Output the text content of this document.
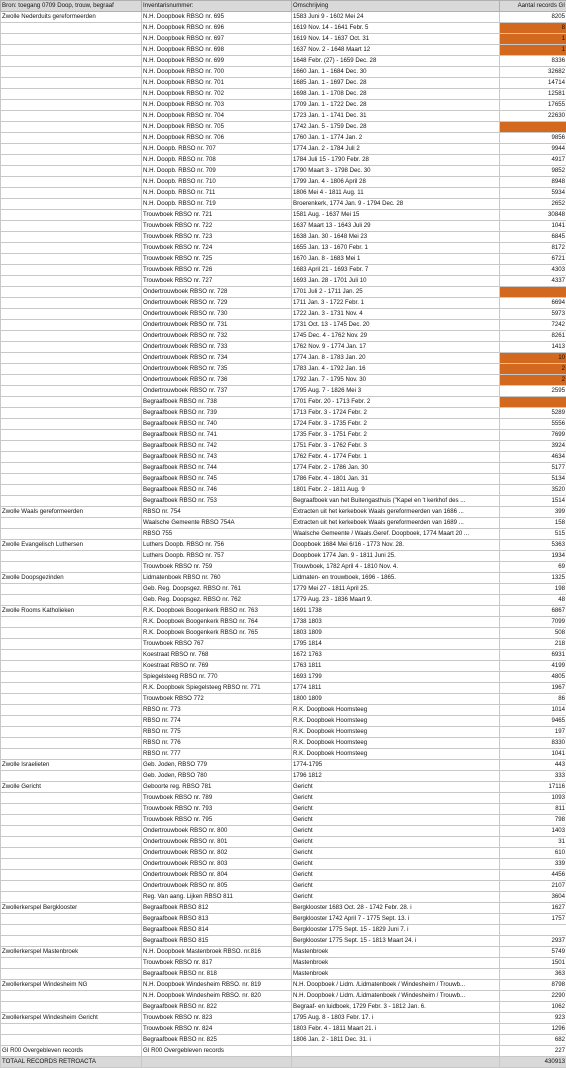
Bron: toegang 0709 Doop, trouw, begraaf	Inventarisnummer:	Omschrijving	Aantal records GI
Zwolle Nederduits gereformeerden	N.H. Doopboek RBSO nr. 695	1583 Juni 9 - 1602 Mei 24	8205
	N.H. Doopboek RBSO nr. 696	1619 Nov. 14 - 1641 Febr. 5	8
	N.H. Doopboek RBSO nr. 697	1619 Nov. 14 - 1637 Oct. 31	1
	N.H. Doopboek RBSO nr. 698	1637 Nov. 2 - 1648 Maart 12	1
	N.H. Doopboek RBSO nr. 699	1648 Febr. (27) - 1659 Dec. 28	8336
	N.H. Doopboek RBSO nr. 700	1660 Jan. 1 - 1684 Dec. 30	32682
	N.H. Doopboek RBSO nr. 701	1685 Jan. 1 - 1697 Dec. 28	14714
	N.H. Doopboek RBSO nr. 702	1698 Jan. 1 - 1708 Dec. 28	12581
	N.H. Doopboek RBSO nr. 703	1709 Jan. 1 - 1722 Dec. 28	17655
	N.H. Doopboek RBSO nr. 704	1723 Jan. 1 - 1741 Dec. 31	22630
	N.H. Doopboek RBSO nr. 705	1742 Jan. 5 - 1759 Dec. 28	
	N.H. Doopboek RBSO nr. 706	1760 Jan. 1 - 1774 Jan. 2	9856
	N.H. Doopb. RBSO nr. 707	1774 Jan. 2 - 1784 Juli 2	9944
	N.H. Doopb. RBSO nr. 708	1784 Juli 15 - 1790 Febr. 28	4917
	N.H. Doopb. RBSO nr. 709	1790 Maart 3 - 1798 Dec. 30	9852
	N.H. Doopb. RBSO nr. 710	1799 Jan. 4 - 1806 April 28	8948
	N.H. Doopb. RBSO nr. 711	1806 Mei 4 - 1811 Aug. 11	5934
	N.H. Doopb. RBSO nr. 719	Broerenkerk, 1774 Jan. 9 - 1794 Dec. 28	2652
	Trouwboek RBSO nr. 721	1581 Aug. - 1637 Mei 15	30848
	Trouwboek RBSO nr. 722	1637 Maart 13 - 1643 Juli 29	1041
	Trouwboek RBSO nr. 723	1638 Jan. 30 - 1648 Mei 23	6845
	Trouwboek RBSO nr. 724	1655 Jan. 13 - 1670 Febr. 1	8172
	Trouwboek RBSO nr. 725	1670 Jan. 8 - 1683 Mei 1	6721
	Trouwboek RBSO nr. 726	1683 April 21 - 1693 Febr. 7	4303
	Trouwboek RBSO nr. 727	1693 Jan. 28 - 1701 Juli 10	4337
	Ondertrouwboek RBSO nr. 728	1701 Juli 2 - 1711 Jan. 25	
	Ondertrouwboek RBSO nr. 729	1711 Jan. 3 - 1722 Febr. 1	6694
	Ondertrouwboek RBSO nr. 730	1722 Jan. 3 - 1731 Nov. 4	5973
	Ondertrouwboek RBSO nr. 731	1731 Oct. 13 - 1745 Dec. 20	7242
	Ondertrouwboek RBSO nr. 732	1745 Dec. 4 - 1762 Nov. 29	8261
	Ondertrouwboek RBSO nr. 733	1762 Nov. 9 - 1774 Jan. 17	1413
	Ondertrouwboek RBSO nr. 734	1774 Jan. 8 - 1783 Jan. 20	10
	Ondertrouwboek RBSO nr. 735	1783 Jan. 4 - 1792 Jan. 16	2
	Ondertrouwboek RBSO nr. 736	1792 Jan. 7 - 1795 Nov. 30	2
	Ondertrouwboek RBSO nr. 737	1795 Aug. 7 - 1826 Mei 3	2595
	Begraafboek RBSO nr. 738	1701 Febr. 20 - 1713 Febr. 2	
	Begraafboek RBSO nr. 739	1713 Febr. 3 - 1724 Febr. 2	5289
	Begraafboek RBSO nr. 740	1724 Febr. 3 - 1735 Febr. 2	5556
	Begraafboek RBSO nr. 741	1735 Febr. 3 - 1751 Febr. 2	7699
	Begraafboek RBSO nr. 742	1751 Febr. 3 - 1762 Febr. 3	3924
	Begraafboek RBSO nr. 743	1762 Febr. 4 - 1774 Febr. 1	4634
	Begraafboek RBSO nr. 744	1774 Febr. 2 - 1786 Jan. 30	5177
	Begraafboek RBSO nr. 745	1786 Febr. 4 - 1801 Jan. 31	5134
	Begraafboek RBSO nr. 746	1801 Febr. 2 - 1811 Aug. 9	3520
	Begraafboek RBSO nr. 753	Begraafboek van het Buitengasthuis ("Kapel en 't kerkhof des ...	1514
Zwolle Waals gereformeerden	RBSO nr. 754	Extracten uit het kerkeboek Waals gereformeerden van 1686 ...	399
	Waalsche Gemeente RBSO 754A	Extracten uit het kerkeboek Waals gereformeerden van 1689 ...	158
	RBSO 755	Waalsche Gemeente / Waals.Geref. Doopboek, 1774 Maart 20 ...	515
Zwolle Evangelisch Luthersen	Luthers Doopb. RBSO nr. 756	Doopboek 1684 Mei 6/16 - 1773 Nov. 28.	5363
	Luthers Doopb. RBSO nr. 757	Doopboek 1774 Jan. 9 - 1811 Juni 25.	1934
	Trouwboek RBSO nr. 759	Trouwboek, 1782 April 4 - 1810 Nov. 4.	69
Zwolle Doopsgezinden	Lidmatenboek RBSO nr. 760	Lidmaten- en trouwboek, 1696 - 1865.	1325
	Geb. Reg. Doopsgez. RBSO nr. 761	1779 Mei 27 - 1811 April 25.	198
	Geb. Reg. Doopsgez. RBSO nr. 762	1779 Aug. 23 - 1836 Maart 9.	48
Zwolle Rooms Katholieken	R.K. Doopboek Boogenkerk RBSO nr. 763	1691 1738	6867
	R.K. Doopboek Boogenkerk RBSO nr. 764	1738 1803	7099
	R.K. Doopboek Boogenkerk RBSO nr. 765	1803 1809	508
	Trouwboek RBSO 767	1795 1814	218
	Koestraat RBSO nr. 768	1672 1763	6931
	Koestraat RBSO nr. 769	1763 1811	4199
	Spiegelsteeg RBSO nr. 770	1693 1799	4805
	R.K. Doopboek Spiegelsteeg RBSO nr. 771	1774 1811	1967
	Trouwboek RBSO 772	1800 1809	86
	RBSO nr. 773	R.K. Doopboek Hoomsteeg	1014
	RBSO nr. 774	R.K. Doopboek Hoomsteeg	9465
	RBSO nr. 775	R.K. Doopboek Hoomsteeg	197
	RBSO nr. 776	R.K. Doopboek Hoomsteeg	8330
	RBSO nr. 777	R.K. Doopboek Hoomsteeg	1041
Zwolle Israelieten	Geb. Joden, RBSO 779	1774-1795	443
	Geb. Joden, RBSO 780	1796 1812	333
Zwolle Gericht	Geboorte reg. RBSO 781	Gericht	17116
	Trouwboek RBSO nr. 789	Gericht	1093
	Trouwboek RBSO nr. 793	Gericht	811
	Trouwboek RBSO nr. 795	Gericht	798
	Ondertrouwboek RBSO nr. 800	Gericht	1403
	Ondertrouwboek RBSO nr. 801	Gericht	31
	Ondertrouwboek RBSO nr. 802	Gericht	610
	Ondertrouwboek RBSO nr. 803	Gericht	339
	Ondertrouwboek RBSO nr. 804	Gericht	4456
	Ondertrouwboek RBSO nr. 805	Gericht	2107
	Reg. Van aang. Lijken RBSO 811	Gericht	3604
Zwollerkerspel Bergklooster	Begraafboek RBSO 812	Bergklooster 1683 Oct. 28 - 1742 Febr. 28. i	1627
	Begraafboek RBSO 813	Bergklooster 1742 April 7 - 1775 Sept. 13. i	1757
	Begraafboek RBSO 814	Bergklooster 1775 Sept. 15 - 1829 Juni 7. i	
	Begraafboek RBSO 815	Bergklooster 1775 Sept. 15 - 1813 Maart 24. i	2937
Zwollerkerspel Mastenbroek	N.H. Doopboek Mastenbroek RBSO. nr.816	Mastenbroek	5749
	Trouwboek RBSO nr. 817	Mastenbroek	1501
	Begraafboek RBSO nr. 818	Mastenbroek	363
Zwollerkerspel Windesheim NG	N.H. Doopboek Windesheim RBSO. nr. 819	N.H. Doopboek / Lidm. /Lidmatenboek / Windesheim / Trouwb...	8798
	N.H. Doopboek Windesheim RBSO. nr. 820	N.H. Doopboek / Lidm. /Lidmatenboek / Windesheim / Trouwb...	2290
	Begraafboek RBSO nr. 822	Begraaf- en luidboek, 1729 Febr. 3 - 1812 Jan. 6.	1062
Zwollerkerspel Windesheim Gericht	Trouwboek RBSO nr. 823	1795 Aug. 8 - 1803 Febr. 17. i	923
	Trouwboek RBSO nr. 824	1803 Febr. 4 - 1811 Maart 21. i	1296
	Begraafboek RBSO nr. 825	1806 Jan. 2 - 1811 Dec. 31. i	682
GI R00 Overgebleven records	GI R00 Overgebleven records		227
TOTAAL RECORDS RETROACTA			430913
